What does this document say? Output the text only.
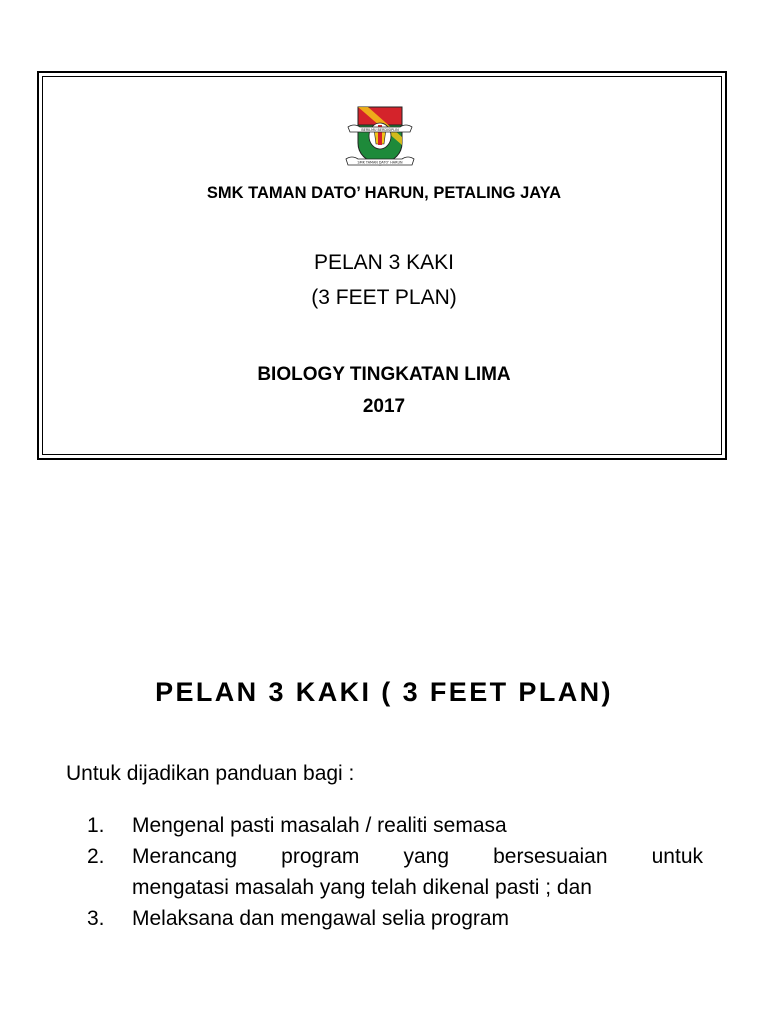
BERILMU BERDISIPLIN
SMK TAMAN DATO' HARUN
SMK TAMAN DATO’ HARUN, PETALING JAYA
PELAN 3 KAKI
(3 FEET PLAN)
BIOLOGY TINGKATAN LIMA
2017
PELAN 3 KAKI ( 3 FEET PLAN)
Untuk dijadikan panduan bagi :
1.	Mengenal pasti masalah / realiti semasa
2.	Merancang program yang bersesuaian untuk
mengatasi masalah yang telah dikenal pasti ; dan
3.	Melaksana dan mengawal selia program
